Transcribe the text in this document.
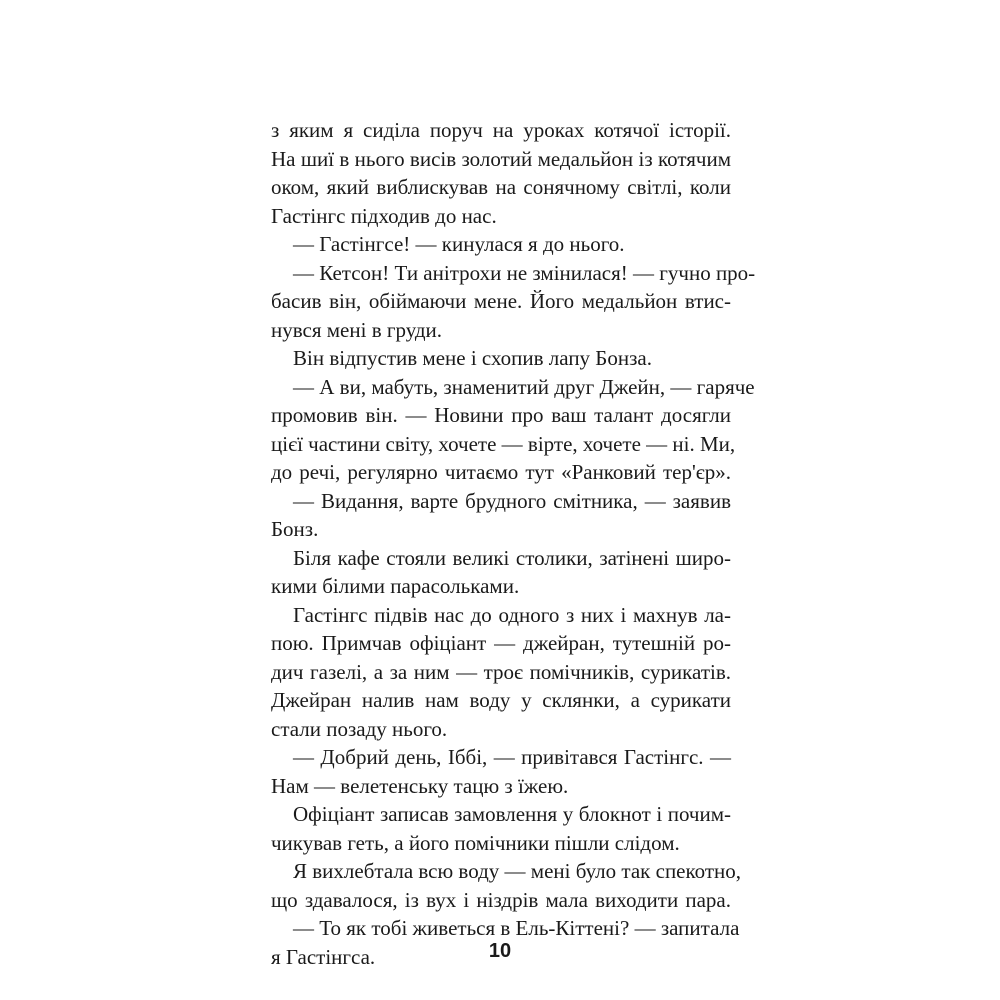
з яким я сиділа поруч на уроках котячої історії.
На шиї в нього висів золотий медальйон із котячим
оком, який виблискував на сонячному світлі, коли
Гастінгс підходив до нас.
— Гастінгсе! — кинулася я до нього.
— Кетсон! Ти анітрохи не змінилася! — гучно про-
басив він, обіймаючи мене. Його медальйон втис-
нувся мені в груди.
Він відпустив мене і схопив лапу Бонза.
— А ви, мабуть, знаменитий друг Джейн, — гаряче
промовив він. — Новини про ваш талант досягли
цієї частини світу, хочете — вірте, хочете — ні. Ми,
до речі, регулярно читаємо тут «Ранковий тер'єр».
— Видання, варте брудного смітника, — заявив
Бонз.
Біля кафе стояли великі столики, затінені широ-
кими білими парасольками.
Гастінгс підвів нас до одного з них і махнув ла-
пою. Примчав офіціант — джейран, тутешній ро-
дич газелі, а за ним — троє помічників, сурикатів.
Джейран налив нам воду у склянки, а сурикати
стали позаду нього.
— Добрий день, Іббі, — привітався Гастінгс. —
Нам — велетенську тацю з їжею.
Офіціант записав замовлення у блокнот і почим-
чикував геть, а його помічники пішли слідом.
Я вихлебтала всю воду — мені було так спекотно,
що здавалося, із вух і ніздрів мала виходити пара.
— То як тобі живеться в Ель-Кіттені? — запитала
я Гастінгса.	10
